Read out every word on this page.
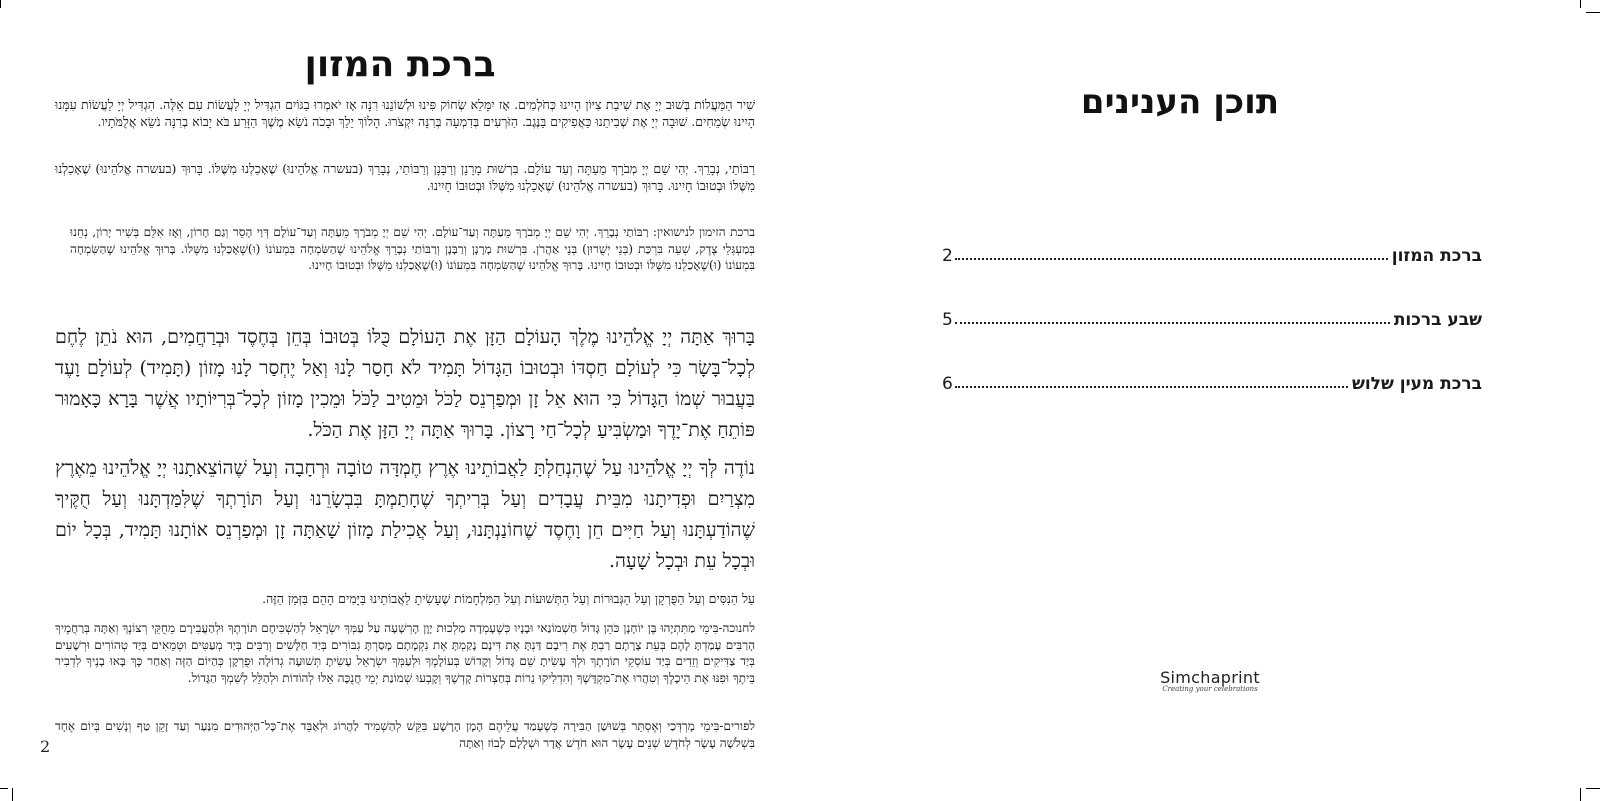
ברכת המזון

שִׁיר הַמַּעֲלוֹת בְּשׁוּב יְיָ אֶת שִׁיבַת צִיּוֹן הָיִינוּ כְּחֹלְמִים. אָז יִמָּלֵא שְׂחוֹק פִּינוּ וּלְשׁוֹנֵנוּ רִנָּה אָז יֹאמְרוּ בַגּוֹיִם הִגְדִּיל יְיָ לַעֲשׂוֹת עִם אֵלֶּה. הִגְדִּיל יְיָ לַעֲשׂוֹת עִמָּנוּ הָיִינוּ שְׂמֵחִים. שׁוּבָה יְיָ אֶת שְׁבִיתֵנוּ כַּאֲפִיקִים בַּנֶּגֶב. הַזֹּרְעִים בְּדִמְעָה בְּרִנָּה יִקְצֹרוּ. הָלוֹךְ יֵלֵךְ וּבָכֹה נֹשֵׂא מֶשֶׁךְ הַזָּרַע בֹּא יָבוֹא בְרִנָּה נֹשֵׂא אֲלֻמֹּתָיו.

רַבּוֹתַי, נְבָרֵךְ. יְהִי שֵׁם יְיָ מְבֹרָךְ מֵעַתָּה וְעַד עוֹלָם. בִּרְשׁוּת מָרָנָן וְרַבָּנָן וְרַבּוֹתַי, נְבָרֵךְ (בעשרה אֱלֹהֵינוּ) שֶׁאָכַלְנוּ מִשֶּׁלּוֹ. בָּרוּךְ (בעשרה אֱלֹהֵינוּ) שֶׁאָכַלְנוּ מִשֶּׁלּוֹ וּבְטוּבוֹ חָיִינוּ. בָּרוּךְ (בעשרה אֱלֹהֵינוּ) שֶׁאָכַלְנוּ מִשֶּׁלּוֹ וּבְטוּבוֹ חָיִינוּ.

ברכת הזימון לנישואין: רַבּוֹתַי נְבָרֵךְ. יְהִי שֵׁם יְיָ מְבֹרָךְ מֵעַתָּה וְעַד־עוֹלָם. יְהִי שֵׁם יְיָ מְבֹרָךְ מֵעַתָּה וְעַד־עוֹלָם דְּוַי הָסֵר וְגַם חָרוֹן, וְאָז אִלֵּם בְּשִׁיר יָרוֹן, נְחֵנוּ בְּמַעְגְּלֵי צֶדֶק, שְׁעֵה בִּרְכַּת (בְּנֵי יְשֻׁרוּן) בְּנֵי אַהֲרֹן. בִּרְשׁוּת מָרָנָן וְרַבָּנָן וְרַבּוֹתַי נְבָרֵךְ אֱלֹהֵינוּ שֶׁהַשִּׂמְחָה בִּמְעוֹנוֹ (וּ)שֶׁאָכַלְנוּ מִשֶּׁלּוֹ. בָּרוּךְ אֱלֹהֵינוּ שֶׁהַשִּׂמְחָה בִּמְעוֹנוֹ (וּ)שֶׁאָכַלְנוּ מִשֶּׁלּוֹ וּבְטוּבוֹ חָיִינוּ. בָּרוּךְ אֱלֹהֵינוּ שֶׁהַשִּׂמְחָה בִּמְעוֹנוֹ (וּ)שֶׁאָכַלְנוּ מִשֶּׁלּוֹ וּבְטוּבוֹ חָיִינוּ.

בָּרוּךְ אַתָּה יְיָ אֱלֹהֵינוּ מֶלֶךְ הָעוֹלָם הַזָּן אֶת הָעוֹלָם כֻּלּוֹ בְּטוּבוֹ בְּחֵן בְּחֶסֶד וּבְרַחֲמִים, הוּא נֹתֵן לֶחֶם לְכָל־בָּשָׂר כִּי לְעוֹלָם חַסְדּוֹ וּבְטוּבוֹ הַגָּדוֹל תָּמִיד לֹא חָסַר לָנוּ וְאַל יֶחְסַר לָנוּ מָזוֹן (תָּמִיד) לְעוֹלָם וָעֶד בַּעֲבוּר שְׁמוֹ הַגָּדוֹל כִּי הוּא אֵל זָן וּמְפַרְנֵס לַכֹּל וּמֵטִיב לַכֹּל וּמֵכִין מָזוֹן לְכָל־בְּרִיּוֹתָיו אֲשֶׁר בָּרָא כָּאָמוּר פּוֹתֵחַ אֶת־יָדֶךָ וּמַשְׂבִּיעַ לְכָל־חַי רָצוֹן. בָּרוּךְ אַתָּה יְיָ הַזָּן אֶת הַכֹּל.

נוֹדֶה לְּךָ יְיָ אֱלֹהֵינוּ עַל שֶׁהִנְחַלְתָּ לַאֲבוֹתֵינוּ אֶרֶץ חֶמְדָּה טוֹבָה וּרְחָבָה וְעַל שֶׁהוֹצֵאתָנוּ יְיָ אֱלֹהֵינוּ מֵאֶרֶץ מִצְרַיִם וּפְדִיתָנוּ מִבֵּית עֲבָדִים וְעַל בְּרִיתְךָ שֶׁחָתַמְתָּ בִּבְשָׂרֵנוּ וְעַל תּוֹרָתְךָ שֶׁלִּמַּדְתָּנוּ וְעַל חֻקֶּיךָ שֶׁהוֹדַעְתָּנוּ וְעַל חַיִּים חֵן וָחֶסֶד שֶׁחוֹנַנְתָּנוּ, וְעַל אֲכִילַת מָזוֹן שָׁאַתָּה זָן וּמְפַרְנֵס אוֹתָנוּ תָּמִיד, בְּכָל יוֹם וּבְכָל עֵת וּבְכָל שָׁעָה.

עַל הַנִּסִּים וְעַל הַפֻּרְקָן וְעַל הַגְּבוּרוֹת וְעַל הַתְּשׁוּעוֹת וְעַל הַמִּלְחָמוֹת שֶׁעָשִׂיתָ לַאֲבוֹתֵינוּ בַּיָּמִים הָהֵם בַּזְּמַן הַזֶּה.

לחנוכה-בִּימֵי מַתִּתְיָהוּ בֶּן יוֹחָנָן כֹּהֵן גָּדוֹל חַשְׁמוֹנַאי וּבָנָיו כְּשֶׁעָמְדָה מַלְכוּת יָוָן הָרְשָׁעָה עַל עַמְּךָ יִשְׂרָאֵל לְהַשְׁכִּיחָם תּוֹרָתֶךָ וּלְהַעֲבִירָם מֵחֻקֵּי רְצוֹנֶךָ וְאַתָּה בְּרַחֲמֶיךָ הָרַבִּים עָמַדְתָּ לָהֶם בְּעֵת צָרָתָם רַבְתָּ אֶת רִיבָם דַּנְתָּ אֶת דִּינָם נָקַמְתָּ אֶת נִקְמָתָם מָסַרְתָּ גִבּוֹרִים בְּיַד חַלָּשִׁים וְרַבִּים בְּיַד מְעַטִּים וּטְמֵאִים בְּיַד טְהוֹרִים וּרְשָׁעִים בְּיַד צַדִּיקִים וְזֵדִים בְּיַד עוֹסְקֵי תוֹרָתֶךָ וּלְךָ עָשִׂיתָ שֵׁם גָּדוֹל וְקָדוֹשׁ בְּעוֹלָמֶךָ וּלְעַמְּךָ יִשְׂרָאֵל עָשִׂיתָ תְּשׁוּעָה גְדוֹלָה וּפֻרְקָן כְּהַיּוֹם הַזֶּה וְאַחַר כָּךְ בָּאוּ בָנֶיךָ לִדְבִיר בֵּיתֶךָ וּפִנּוּ אֶת הֵיכָלֶךָ וְטִהֲרוּ אֶת־מִקְדָּשֶׁךָ וְהִדְלִיקוּ נֵרוֹת בְּחַצְרוֹת קָדְשֶׁךָ וְקָבְעוּ שְׁמוֹנַת יְמֵי חֲנֻכָּה אֵלּוּ לְהוֹדוֹת וּלְהַלֵּל לְשִׁמְךָ הַגָּדוֹל.

לפורים-בִּימֵי מָרְדְּכַי וְאֶסְתֵּר בְּשׁוּשַׁן הַבִּירָה כְּשֶׁעָמַד עֲלֵיהֶם הָמָן הָרָשָׁע בִּקֵּשׁ לְהַשְׁמִיד לַהֲרוֹג וּלְאַבֵּד אֶת־כָּל־הַיְּהוּדִים מִנַּעַר וְעַד זָקֵן טַף וְנָשִׁים בְּיוֹם אֶחָד בִּשְׁלֹשָׁה עָשָׂר לְחֹדֶשׁ שְׁנֵים עָשָׂר הוּא חֹדֶשׁ אֲדָר וּשְׁלָלָם לָבוֹז וְאַתָּה

2
תוכן הענינים
ברכת המזון
2
שבע ברכות
5
ברכת מעין שלוש
6
Simchaprint
Creating your celebrations
